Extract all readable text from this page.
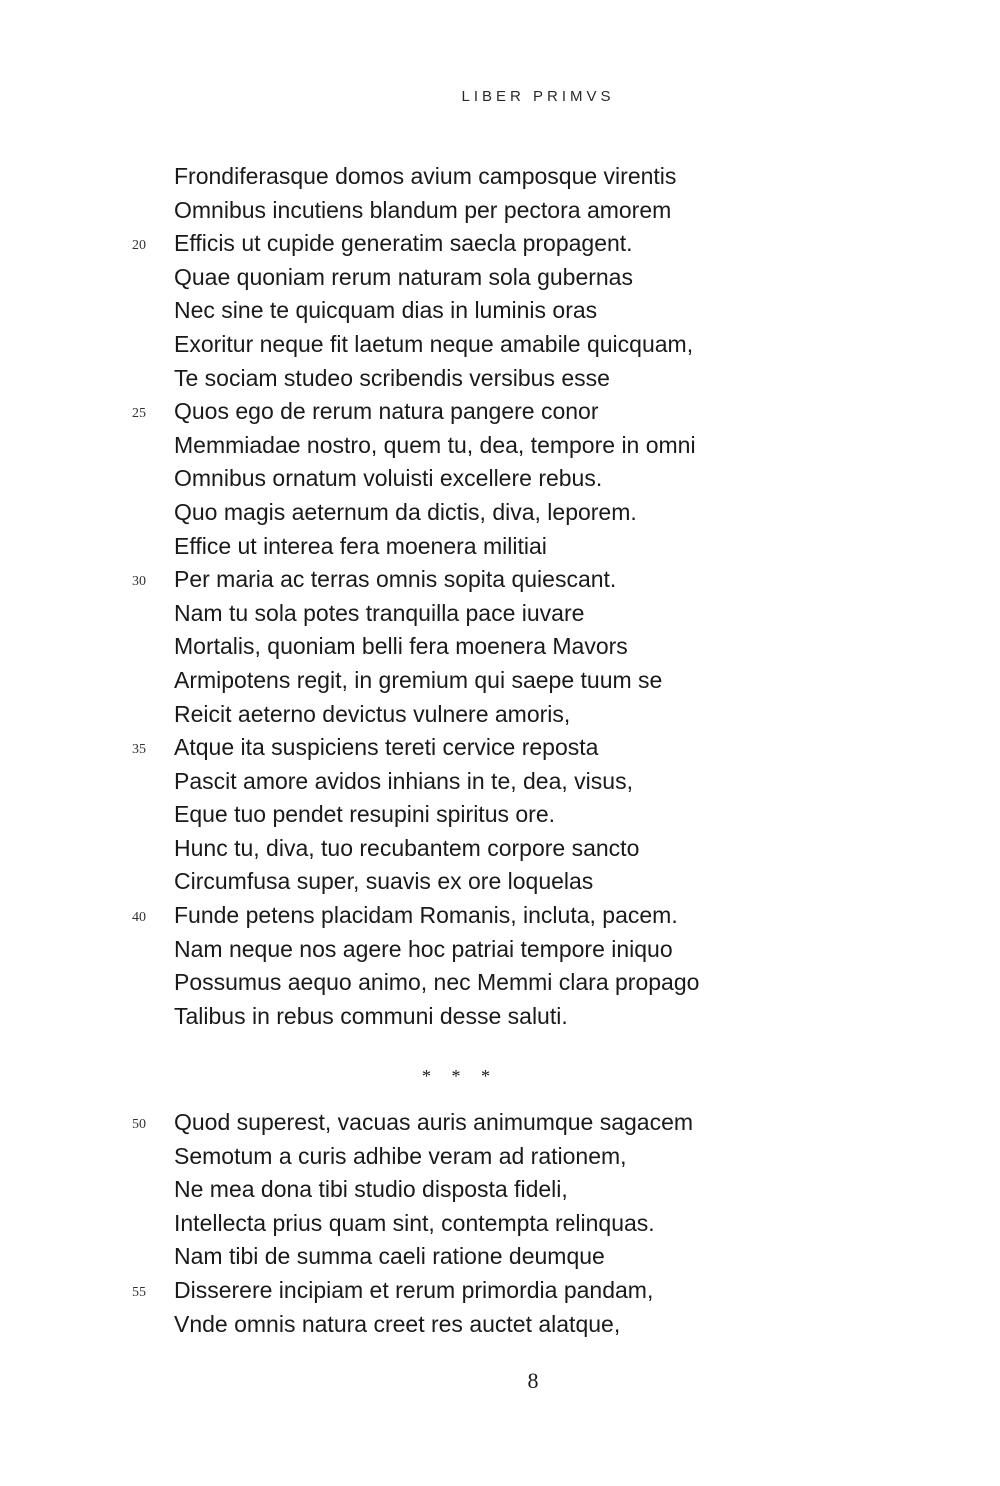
LIBER PRIMVS
Frondiferasque domos avium camposque virentis
Omnibus incutiens blandum per pectora amorem
20	Efficis ut cupide generatim saecla propagent.
Quae quoniam rerum naturam sola gubernas
Nec sine te quicquam dias in luminis oras
Exoritur neque fit laetum neque amabile quicquam,
Te sociam studeo scribendis versibus esse
25	Quos ego de rerum natura pangere conor
Memmiadae nostro, quem tu, dea, tempore in omni
Omnibus ornatum voluisti excellere rebus.
Quo magis aeternum da dictis, diva, leporem.
Effice ut interea fera moenera militiai
30	Per maria ac terras omnis sopita quiescant.
Nam tu sola potes tranquilla pace iuvare
Mortalis, quoniam belli fera moenera Mavors
Armipotens regit, in gremium qui saepe tuum se
Reicit aeterno devictus vulnere amoris,
35	Atque ita suspiciens tereti cervice reposta
Pascit amore avidos inhians in te, dea, visus,
Eque tuo pendet resupini spiritus ore.
Hunc tu, diva, tuo recubantem corpore sancto
Circumfusa super, suavis ex ore loquelas
40	Funde petens placidam Romanis, incluta, pacem.
Nam neque nos agere hoc patriai tempore iniquo
Possumus aequo animo, nec Memmi clara propago
Talibus in rebus communi desse saluti.
* * *
50	Quod superest, vacuas auris animumque sagacem
Semotum a curis adhibe veram ad rationem,
Ne mea dona tibi studio disposta fideli,
Intellecta prius quam sint, contempta relinquas.
Nam tibi de summa caeli ratione deumque
55	Disserere incipiam et rerum primordia pandam,
Vnde omnis natura creet res auctet alatque,
8
